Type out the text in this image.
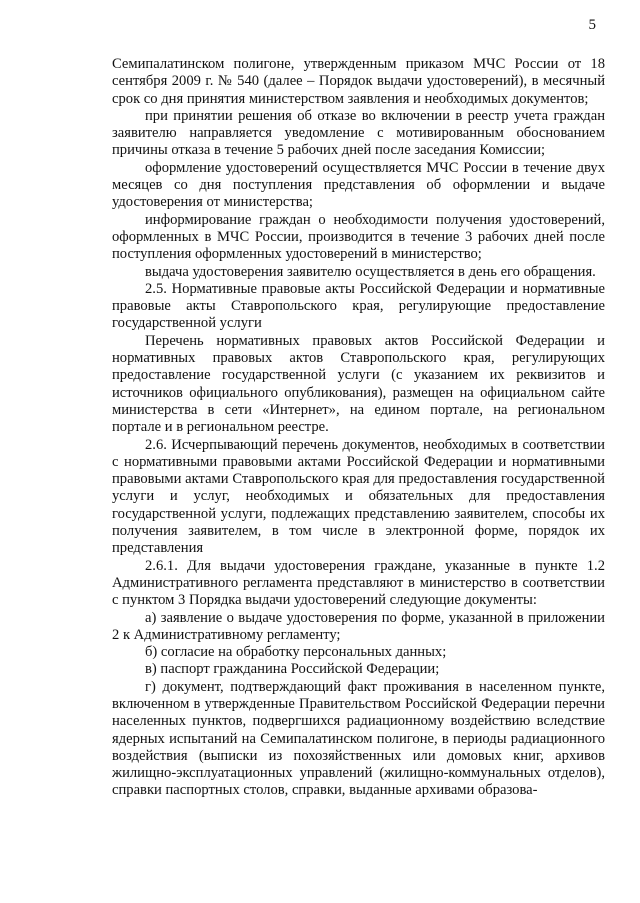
5

Семипалатинском полигоне, утвержденным приказом МЧС России от 18 сентября 2009 г. № 540 (далее – Порядок выдачи удостоверений), в месячный срок со дня принятия министерством заявления и необходимых документов;

при принятии решения об отказе во включении в реестр учета граждан заявителю направляется уведомление с мотивированным обоснованием причины отказа в течение 5 рабочих дней после заседания Комиссии;

оформление удостоверений осуществляется МЧС России в течение двух месяцев со дня поступления представления об оформлении и выдаче удостоверения от министерства;

информирование граждан о необходимости получения удостоверений, оформленных в МЧС России, производится в течение 3 рабочих дней после поступления оформленных удостоверений в министерство;

выдача удостоверения заявителю осуществляется в день его обращения.

2.5. Нормативные правовые акты Российской Федерации и нормативные правовые акты Ставропольского края, регулирующие предоставление государственной услуги

Перечень нормативных правовых актов Российской Федерации и нормативных правовых актов Ставропольского края, регулирующих предоставление государственной услуги (с указанием их реквизитов и источников официального опубликования), размещен на официальном сайте министерства в сети «Интернет», на едином портале, на региональном портале и в региональном реестре.

2.6. Исчерпывающий перечень документов, необходимых в соответствии с нормативными правовыми актами Российской Федерации и нормативными правовыми актами Ставропольского края для предоставления государственной услуги и услуг, необходимых и обязательных для предоставления государственной услуги, подлежащих представлению заявителем, способы их получения заявителем, в том числе в электронной форме, порядок их представления

2.6.1. Для выдачи удостоверения граждане, указанные в пункте 1.2 Административного регламента представляют в министерство в соответствии с пунктом 3 Порядка выдачи удостоверений следующие документы:

а) заявление о выдаче удостоверения по форме, указанной в приложении 2 к Административному регламенту;

б) согласие на обработку персональных данных;

в) паспорт гражданина Российской Федерации;

г) документ, подтверждающий факт проживания в населенном пункте, включенном в утвержденные Правительством Российской Федерации перечни населенных пунктов, подвергшихся радиационному воздействию вследствие ядерных испытаний на Семипалатинском полигоне, в периоды радиационного воздействия (выписки из похозяйственных или домовых книг, архивов жилищно-эксплуатационных управлений (жилищно-коммунальных отделов), справки паспортных столов, справки, выданные архивами образова-
